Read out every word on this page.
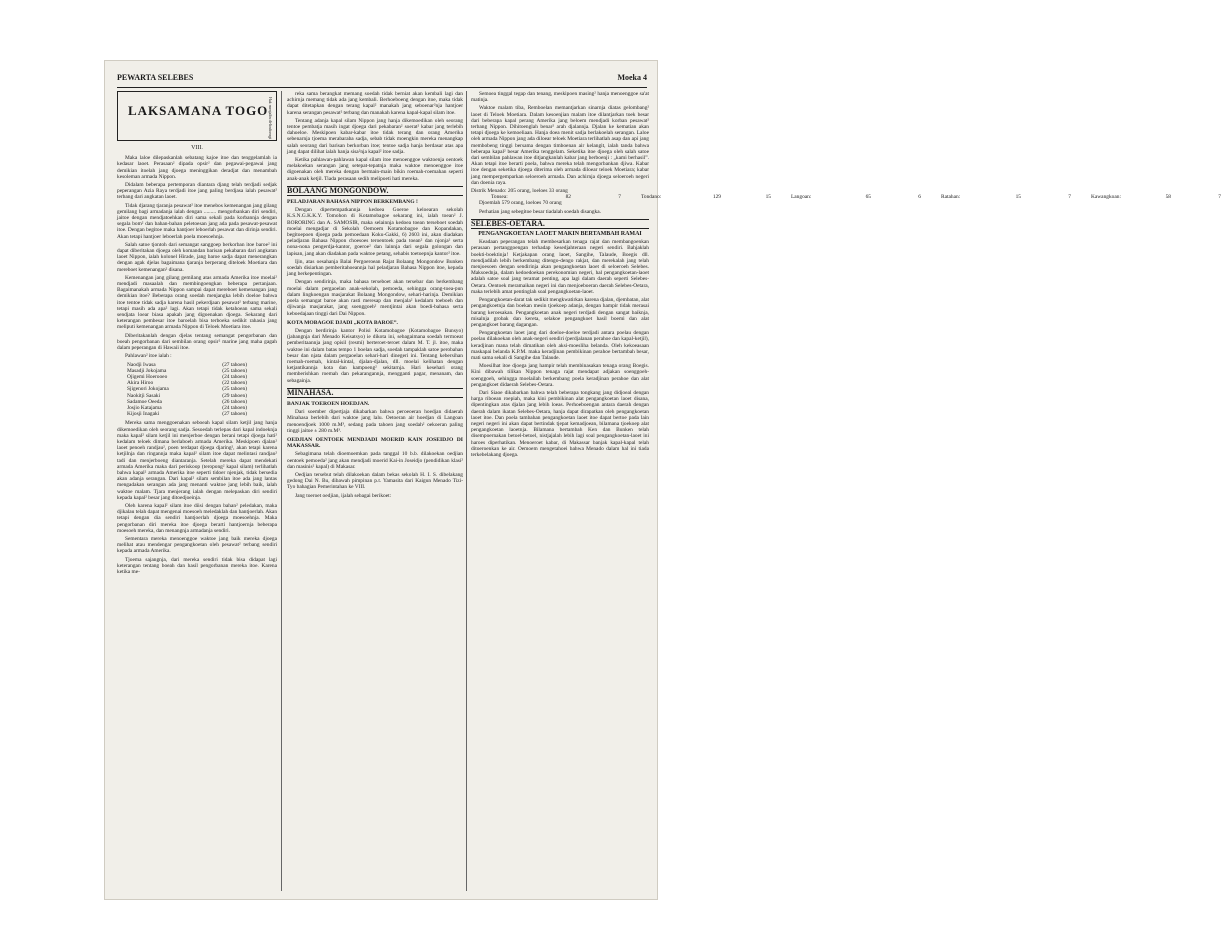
PEWARTA SELEBES	Moeka 4
LAKSAMANA TOGO Hak menjalin di-lindoengi

VIII.

Maka laloe dilepaskanlah sebatang kajoe itoe dan tenggelamlah ia kedasar laoet. Perasaan² dipada opsir² dan pegawai-pegawai jang demikian itoelah jang djoega meninggikan deradjat dan menambah kesoleman armada Nippon.

Didalam beberapa pertemporan diantara djang telah terdjadi sedjak peperangan Azia Raya terdjadi itoe jang paling berdjasa ialah pesawat² terbang dari angkatan laoet.

Tidak djarang tjaranja pesawat² itoe menebos kemenangan jang gilang gemilang bagi armadanja ialah dengan ......... mengorbankan diri sendiri, jaitoe dengan mendjatoehkan diri sama sekali pada korbannja dengan segala bom² dan bahan-bahan peletoesan jang ada pada pesawat-pesawat itoe. Dengan begitoe maka hantjoer leboerlah pesawat dan dirinja sendiri. Akan tetapi hantjoer leboerlah poela moesoehnja.

Salah satoe tjontoh dari semangat sanggoep berkorban itoe baroe² ini dapat diberitakan djoega oleh komandan barisan pekabaran dari angkatan laoet Nippon, ialah kolonel Hirade, jang baroe sadja dapat menerangkan dengan agak djelas bagaimana tjaranja berperang diteloek Moetiara dan mereboet kemenangan² disana.

Kemenangan jang gilang gemilang atas armada Amerika itoe moelai² mendjadi masaalah dan membingoengkan beberapa pertanjaan. Bagaimanakah armada Nippon sampai dapat mereboet kemenangan jang demikian itoe? Beberapa orang soedah menjangka lebih doeloe bahwa itoe tentoe tidak sadja karena hasil pekerdjaan pesawat² terbang marine, tetapi masih ada apa² lagi. Akan tetapi tidak ketahoean sama sekali sendjata loear biasa apakah jang digoenakan djoega. Sekarang dari keterangan pembesar itoe baroelah bisa terboeka sedikit rahasia jang meliputi kemenangan armada Nippon di Teloek Moetiara itoe.

Diberitakanlah dengan djelas tentang semangat pengorbanan dan boeah pengorbanan dari sembilan orang opsir² marine jang maha gagah dalam peperangan di Hawaii itoe.

Pahlawan² itoe ialah :

Naodji Iwasa	(27 tahoen)
Masadji Jokojama	(25 tahoen)
Ojigemi Hoerooeo	(24 tahoen)
Akira Hiroo	(22 tahoen)
Sjigenori Jokojama	(25 tahoen)
Naokitji Sasaki	(29 tahoen)
Sadamoe Oeeda	(26 tahoen)
Josjio Katajama	(24 tahoen)
Kijosji Inagaki	(27 tahoen)

Mereka sama menggoenakan seboeah kapal silam ketjil jang hanja dikemoedikan oleh seorang sadja. Sesoedah terlepas dari kapal indoeknja maka kapal² silam ketjil ini menjerboe dengan berani tetapi djoega hati² kedalam teloek dimana berlaboeh armada Amerika. Meskipoen djalan² laoet penoeh randjau², poen terdapat djoega djaring², akan tetapi karena ketjilnja dan ringannja maka kapal² silam itoe dapat melintasi randjau² tadi dan menjerboeng diantaranja. Setelah mereka dapat mendekati armada Amerika maka dari periskoop (teropong² kapal silam) terlihatlah bahwa kapal² armada Amerika itoe seperti tidoer njenjak, tidak bersedia akan adanja serangan. Dari kapal² silam sembilan itoe ada jang lantas mengadakan serangan ada jang menanti waktoe jang lebih baik, ialah waktoe malam. Tjara menjerang ialah dengan melepaskan diri sendiri kepada kapal² besar jang ditoedjoeinja.

Oleh karena kapal² silam itoe diisi dengan bahan² peledakan, maka djikalau telah dapat mengenai moesoeh meledaklah dan hantjoerlah. Akan tetapi dengan dia sendiri hantjoerlah djoega moesoehnja. Maka pengorbanan diri mereka itoe djoega berarti hantjoernja beberapa moesoeh mereka, dan menangnja armadanja sendiri.

Sementara mereka menoenggoe waktoe jang baik mereka djoega melihat atau mendengar pengangkoetan oleh pesawat² terbang sendiri kepada armada Amerika.

Tjoema sajangnja, dari mereka sendiri tidak bisa didapat lagi keterangan tentang boeah dan hasil pengorbanan mereka itoe. Karena ketika me-

reka sama berangkat memang soedah tidak berniat akan kembali lagi dan achirnja memang tidak ada jang kembali. Berhoeboeng dengan itoe, maka tidak dapat ditetapkan dengan terang kapal² manakah jang seboenar²nja hantjoer karena serangan pesawat² terbang dan manakah karena kapal-kapal silam itoe.

Tentang adanja kapal silam Nippon jang hanja dikemoedikan oleh seorang tentoe pembatja masih ingat djoega dari pekabaran² soerat² kabar jang terlebih dahoeloe. Meskipoen kabar-kabar itoe tidak terang dan orang Amerika sebenarnja tjoema merabaraba sadja, sebab tidak moengkin mereka menangkap salah seorang dari barisan berkorban itoe; tentoe sadja hanja berdasar atas apa jang dapat dilihat ialah hanja sisa²nja kapal² itoe sadja.

Ketika pahlawan-pahlawan kapal silam itoe menoenggoe waktoenja oentoek melakoekan serangan jang setepat-tepatnja maka waktoe menoenggoe itoe digoenakan oleh mereka dengan bermain-main bikin roemah-roemahan seperti anak-anak ketjil. Tiada perasaan sedih melipoeti hati mereka.

BOLAANG MONGONDOW.

PELADJARAN BAHASA NIPPON BERKEMBANG !

Dengan dipertempatkannja kedoea Goeroe keloearan sekolah K.S.N.G.K.K.Y. Tomohon di Kotamobagoe sekarang ini, ialah toean² J. BORORING dan A. SAMOSIR, maka selainnja kedoea toean terseboet soedah moelai mengadjar di Sekolah Oemoem Kotamobagoe dan Kopandakan, begitoepoen djoega pada pemoedaan Koku-Gakki, 6) 2603 ini, akan diadakan peladjaran Bahasa Nippon choesoes teroentoek pada toean² dan njonja² serta nona-nona pengerdja-kantor, goeroe² dan lainnja dari segala golongan dan lapisan, jang akan diadakan pada waktoe petang, sehabis toetoepnja kantor² itoe.

Ijin, atas oesahanja Balai Pergoeroean Rajat Bolaang Mongondow Bunken soedah disiarkan pemberitahoeannja hal peladjaran Bahasa Nippon itoe, kepada jang berkepentingan.

Dengan sendirinja, maka bahasa terseboet akan tersebar dan berkembang moelai dalam pergaoelan anak-sekolah, pemoeda, sehingga orang-toea-pun dalam lingkoengan masjarakat Bolaang Mongondow, sehari-harinja. Demikian poela semangat baroe akan rasti meresap dan menjala² kedalam toeboeh dan djiwanja masjarakat, jang soenggoeh² mentjintai akan boedi-bahasa serta keboedajaan tinggi dari Dai Nippon.

KOTA MOBAGOE DJADI „KOTA BAROE”.

Dengan berdirinja kantor Polisi Kotamobagoe (Kotamobagoe Bunsyo) (jabangnja dari Menado Keisatsyo) ie dikota ini, sebagaimana soedah termoeat pemberitaannja jang opisil (resmi) berteroet-teroet dalam M. T. jl. itoe, maka waktoe ini dalam batas tempo 1 boelan sadja, soedah tampaklah satoe perobahan besar dan njata dalam pergaoelan sehari-hari dinegeri ini. Tentang kebersihan roemah-roemah, kintal-kintal, djalan-djalan, dll. moelai kelihatan dengan ketjantikannja kota dan kampoeng² sekitarnja. Hari kesehari orang memberishkan roemah dan pekarangannja, mengganti pagar, menanam, dan sebagainja.

MINAHASA.

BANJAK TOEROEN HOEDJAN.

Dari soember dipertjaja dikabarkan bahwa peroeoeran hoedjan didaerah Minahasa berlebih dari waktoe jang lalu. Oetoeran air hoedjan di Langoan menoendjoek 1000 m.M³, sedang pada tahoen jang soedah² oekoeran paling tinggi jaitoe ± 280 m.M³.

OEDJIAN OENTOEK MENDJADI MOERID KAIN JOSEIDJO DI MAKASSAR.

Sebagimana telah dioemoemkan pada tanggal 10 b.b. dilakoekan oedjian oentoek pemoeda² jang akan mendjadi moerid Kai-in Joseidjo (pendidikan klasi² dan masinis² kapal) di Makasar.

Oedjian tersebut telah dilakoekan dalam bekas sekolah H. I. S. dibelakang gedong Dai N. Bu, dibawah pimpinan p.t. Yamasita dari Kaigun Menado Tizi-Tyo bahagian Pemerintahan ke VIII.

Jang toeroet oedjian, ijalah sebagai berikoet:

Semoea tinggal tegap dan tenang, meskipoen masing² hanja menoenggoe sa'at matinja.

Waktoe malam tiba, Remboelan memantjarkan sinarnja diatas gelombang² laoet di Teloek Moetiara. Dalam kesoenjian malam itoe dilantjarkan toek besar dari beberapa kapal perang Amerika jang beloem mendjadi korban pesawat² terbang Nippon. Dihitoenglah benar² arah djalannja. Djalan ke kematian akan tetapi djoega ke kemoeliaan. Hanja doea menit sadja berlakoelah serangan. Laloe oleh armada Nippon jang ada diloear teloek Moetiara terlihatlah asap dan api jang membobeng tinggi bersama dengan timboenan air kelangit, ialah tanda bahwa beberapa kapal² besar Amerika tenggelam. Seketika itoe djoega oleh salah satoe dari sembilan pahlawan itoe ditjangkanlah kabar jang berboenji : „kami berhasil”. Akan tetapi itoe berarti poela, bahwa mereka telah mengorbankan djiwa. Kabar itoe dengan seketika djoega diterima oleh armada diloear teloek Moetiara; kabar jang mempergemparkan seloeroeh armada. Dan achirnja djoega seloeroeh negeri dan doenia raya.

Distrik Menado:
205 orang, loeloes 33 orang
Tonsea:	82	7	Tondano:	129	15	Langoan:	65	6	Ratahan:	15	7	Kawangkoan:	58	7

Djoemlah 579 orang, loeloes 70 orang

Perhatian jang sebegitoe besar tiadalah soedah disangka.

SELEBES-OETARA.

PENGANGKOETAN LAOET MAKIN BERTAMBAH RAMAI

Keadaan peperangan telah membesarkan tenaga rajat dan membangoenkan perasaan pertanggoengan terhadap kesedjahteraan negeri sendiri. Bahjaklah boekti-boektinja! Ketjakapan orang laoet, Sangihe, Talaude, Boegis dll. mendjadilah lebih berkembang ditengo-dengo rakjat, dan merekalah jang telah menjoesoen dengan sendirinja akan pengangkoetan laoet di seloeroeh Selebes. Maksoednja, dalam kedoedoekan perekonomian negeri, hal pengangkoetan-laoet adalah satoe soal jang teramat penting, apa lagi dalam daerah seperti Selebes-Oetara. Oentoek meramaikan negeri ini dan menjoeboeran daerah Selebes-Oetara, maka terlebih amat pentinglah soal pengangkoetan-laoet.

Pengangkoetan-darat tak sedikit mengkwatirkan karena djalan, djembatan, alat pengangkoetnja dan boekan mesin tjoekoep adanja, dengan hampir tidak merasai barang keroesakan. Pengangkoetan anak negeri terdjadi dengan sangat baiknja, misalnja grobak dan kereta, selakoe pengangkoet hasil boemi dan alat pengangkoet barang dagangan.

Pengangkoetan laoet jang dari doeloe-doeloe terdjadi antara poelau dengan poelau dilakoekan oleh anak-negeri sendiri (perdjalanan perahoe dan kapal-ketjil), keradjinan mana telah dimatikan oleh aksi-moesliha belanda. Oleh kekoeasaan maskapai belanda K.P.M. maka keradjinan pembikinan perahoe bertambah besar, mati sama sekali di Sangihe dan Talaude.

Moesilhat itoe djoega jang hampir telah membinasakan tenaga orang Boegis. Kini dibawah tilikan Nippon tenaga rajat mendapat adjakan soenggoeh-soenggoeh, sehingga moelailah berkembang poela keradjinan perahoe dan alat pengangkoet didaerah Selebes-Oetara.

Dari Siaoe dikabarkan bahwa telah beberapa tongkang jang didjoeal dengan harga riboean roepiah, maka kini pembikinan alat pengangkoetan laoet disana, dipentingkan atas djalan jang lebih loeas. Perhoeboengan antara daerah dengan daerah dalam ikatan Selebes-Oetara, hanja dapat dirapatkan oleh pengangkoetan laoet itoe. Dan poela tambahan pengangkoetan laoet itoe dapat bertoe pada lain negeri negeri ini akan dapat bertindak tjepat kemadjoean, bilamana tjoekoep alat pengangkoetan laoetnja. Bilamana bertambah Ken dan Bunken telah disempoernakan betoel-betoel, nistjajalah lebih lagi soal pengangkoetan-laoet ini haroes diperhatikan. Menoeroet kabar, di Makassar banjak kapal-kapal telah ditoeroenkan ke air. Oemoem mengetahoei bahwa Menado dalam hal ini tiada terkebelakang djoega.
